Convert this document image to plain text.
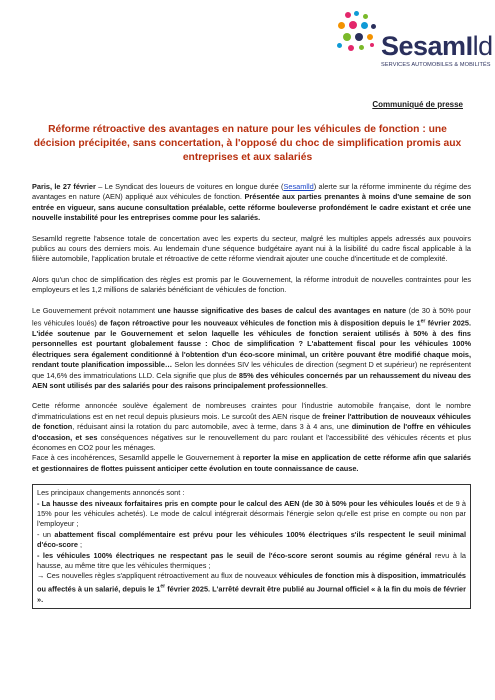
SesamIld
SERVICES AUTOMOBILES & MOBILITÉS
Communiqué de presse
Réforme rétroactive des avantages en nature pour les véhicules de fonction : une décision précipitée, sans concertation, à l'opposé du choc de simplification promis aux entreprises et aux salariés

Paris, le 27 février – Le Syndicat des loueurs de voitures en longue durée (Sesamlld) alerte sur la réforme imminente du régime des avantages en nature (AEN) appliqué aux véhicules de fonction. Présentée aux parties prenantes à moins d'une semaine de son entrée en vigueur, sans aucune consultation préalable, cette réforme bouleverse profondément le cadre existant et crée une nouvelle instabilité pour les entreprises comme pour les salariés.

Sesamlld regrette l'absence totale de concertation avec les experts du secteur, malgré les multiples appels adressés aux pouvoirs publics au cours des derniers mois. Au lendemain d'une séquence budgétaire ayant nui à la lisibilité du cadre fiscal applicable à la filière automobile, l'application brutale et rétroactive de cette réforme viendrait ajouter une couche d'incertitude et de complexité.

Alors qu'un choc de simplification des règles est promis par le Gouvernement, la réforme introduit de nouvelles contraintes pour les employeurs et les 1,2 millions de salariés bénéficiant de véhicules de fonction.

Le Gouvernement prévoit notamment une hausse significative des bases de calcul des avantages en nature (de 30 à 50% pour les véhicules loués) de façon rétroactive pour les nouveaux véhicules de fonction mis à disposition depuis le 1er février 2025. L'idée soutenue par le Gouvernement et selon laquelle les véhicules de fonction seraient utilisés à 50% à des fins personnelles est pourtant globalement fausse : Choc de simplification ? L'abattement fiscal pour les véhicules 100% électriques sera également conditionné à l'obtention d'un éco-score minimal, un critère pouvant être modifié chaque mois, rendant toute planification impossible… Selon les données SIV les véhicules de direction (segment D et supérieur) ne représentent que 14,6% des immatriculations LLD. Cela signifie que plus de 85% des véhicules concernés par un rehaussement du niveau des AEN sont utilisés par des salariés pour des raisons principalement professionnelles.

Cette réforme annoncée soulève également de nombreuses craintes pour l'industrie automobile française, dont le nombre d'immatriculations est en net recul depuis plusieurs mois. Le surcoût des AEN risque de freiner l'attribution de nouveaux véhicules de fonction, réduisant ainsi la rotation du parc automobile, avec à terme, dans 3 à 4 ans, une diminution de l'offre en véhicules d'occasion, et ses conséquences négatives sur le renouvellement du parc roulant et l'accessibilité des véhicules récents et plus économes en CO2 pour les ménages.
Face à ces incohérences, Sesamlld appelle le Gouvernement à reporter la mise en application de cette réforme afin que salariés et gestionnaires de flottes puissent anticiper cette évolution en toute connaissance de cause.

Les principaux changements annoncés sont :
- La hausse des niveaux forfaitaires pris en compte pour le calcul des AEN (de 30 à 50% pour les véhicules loués et de 9 à 15% pour les véhicules achetés). Le mode de calcul intégrerait désormais l'énergie selon qu'elle est prise en compte ou non par l'employeur ;
- un abattement fiscal complémentaire est prévu pour les véhicules 100% électriques s'ils respectent le seuil minimal d'éco-score ;
- les véhicules 100% électriques ne respectant pas le seuil de l'éco-score seront soumis au régime général revu à la hausse, au même titre que les véhicules thermiques ;
→ Ces nouvelles règles s'appliquent rétroactivement au flux de nouveaux véhicules de fonction mis à disposition, immatriculés ou affectés à un salarié, depuis le 1er février 2025. L'arrêté devrait être publié au Journal officiel « à la fin du mois de février ».
